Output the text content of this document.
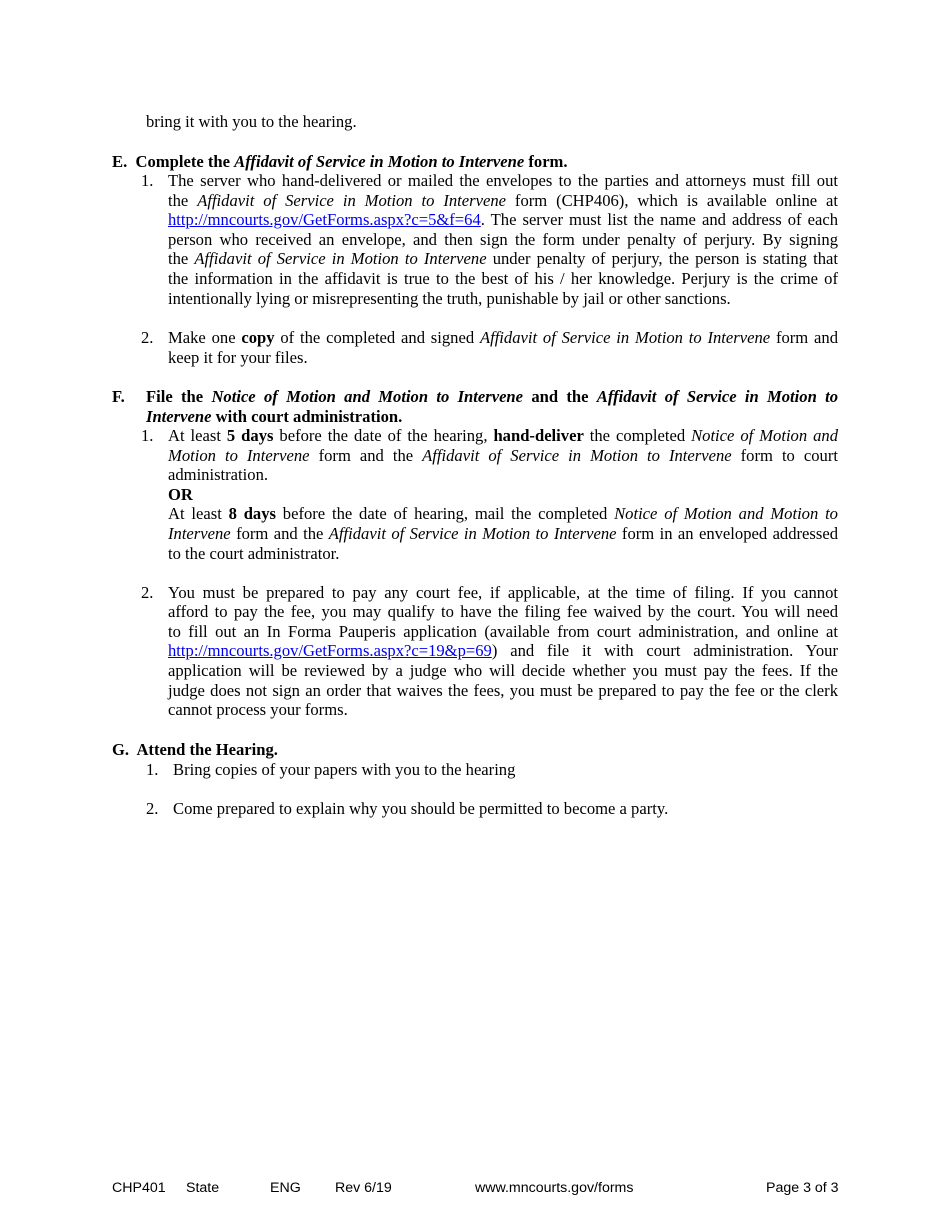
bring it with you to the hearing.
E. Complete the Affidavit of Service in Motion to Intervene form.
1. The server who hand-delivered or mailed the envelopes to the parties and attorneys must fill out
the Affidavit of Service in Motion to Intervene form (CHP406), which is available online at
http://mncourts.gov/GetForms.aspx?c=5&f=64. The server must list the name and address of each
person who received an envelope, and then sign the form under penalty of perjury. By signing
the Affidavit of Service in Motion to Intervene under penalty of perjury, the person is stating that
the information in the affidavit is true to the best of his / her knowledge. Perjury is the crime of
intentionally lying or misrepresenting the truth, punishable by jail or other sanctions.
2. Make one copy of the completed and signed Affidavit of Service in Motion to Intervene form and
keep it for your files.
F. File the Notice of Motion and Motion to Intervene and the Affidavit of Service in Motion to
Intervene with court administration.
1. At least 5 days before the date of the hearing, hand-deliver the completed Notice of Motion and
Motion to Intervene form and the Affidavit of Service in Motion to Intervene form to court
administration.
OR
At least 8 days before the date of hearing, mail the completed Notice of Motion and Motion to
Intervene form and the Affidavit of Service in Motion to Intervene form in an enveloped addressed
to the court administrator.
2. You must be prepared to pay any court fee, if applicable, at the time of filing. If you cannot
afford to pay the fee, you may qualify to have the filing fee waived by the court. You will need
to fill out an In Forma Pauperis application (available from court administration, and online at
http://mncourts.gov/GetForms.aspx?c=19&p=69) and file it with court administration. Your
application will be reviewed by a judge who will decide whether you must pay the fees. If the
judge does not sign an order that waives the fees, you must be prepared to pay the fee or the clerk
cannot process your forms.
G. Attend the Hearing.
1. Bring copies of your papers with you to the hearing
2. Come prepared to explain why you should be permitted to become a party.
CHP401 State	ENG Rev 6/19	www.mncourts.gov/forms	Page 3 of 3
